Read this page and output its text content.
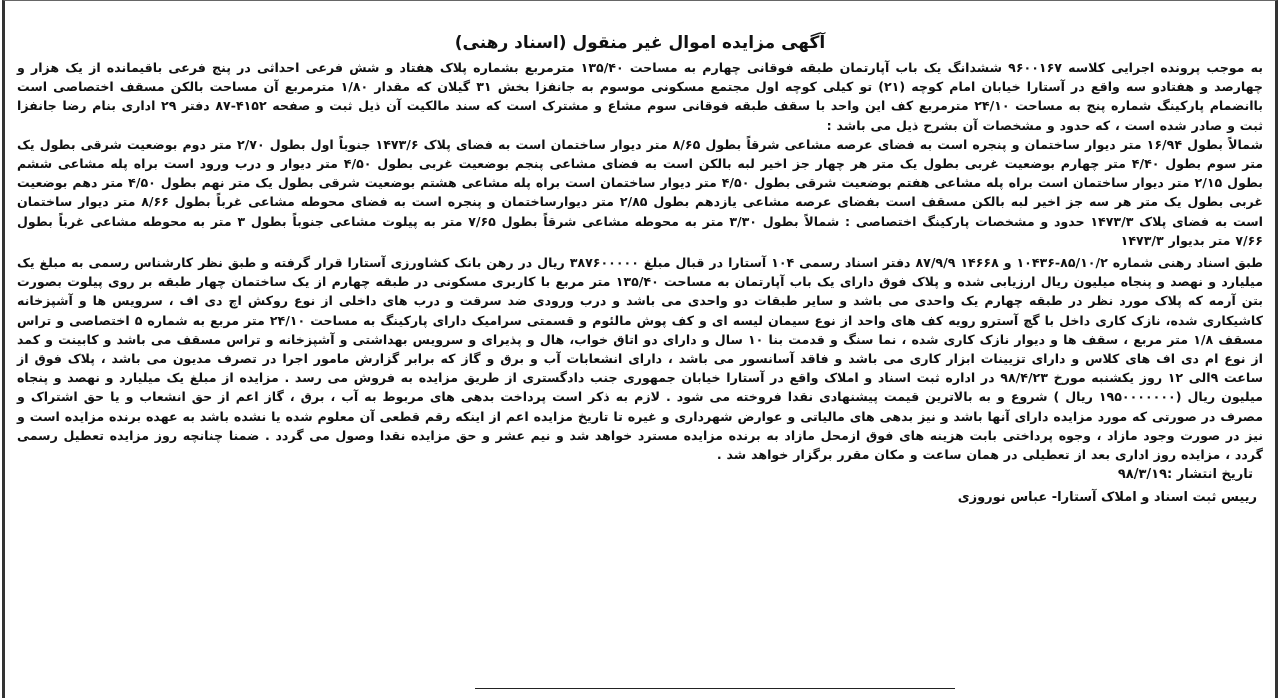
آگهی مزایده اموال غیر منقول (اسناد رهنی)

به موجب پرونده اجرایی کلاسه ۹۶۰۰۱۶۷ ششدانگ یک باب آپارتمان طبقه فوقانی چهارم به مساحت ۱۳۵/۴۰ مترمربع بشماره پلاک هفتاد و شش فرعی احداثی در پنج فرعی باقیمانده از یک هزار و چهارصد و هفتادو سه واقع در آستارا خیابان امام کوچه (۲۱) تو کیلی کوچه اول مجتمع مسکونی موسوم به جانفزا بخش ۳۱ گیلان که مقدار ۱/۸۰ مترمربع آن مساحت بالکن مسقف اختصاصی است باانضمام پارکینگ شماره پنج به مساحت ۲۴/۱۰ مترمربع کف این واحد با سقف طبقه فوقانی سوم مشاع و مشترک است که سند مالکیت آن ذیل ثبت و صفحه ۴۱۵۲-۸۷ دفتر ۲۹ اداری بنام رضا جانفزا ثبت و صادر شده است ، که حدود و مشخصات آن بشرح ذیل می باشد :

شمالاً بطول ۱۶/۹۴ متر دیوار ساختمان و پنجره است به فضای عرصه مشاعی شرقاً بطول ۸/۶۵ متر دیوار ساختمان است به فضای پلاک ۱۴۷۳/۶ جنوباً اول بطول ۲/۷۰ متر دوم بوضعیت شرقی بطول یک متر سوم بطول ۴/۴۰ متر چهارم بوضعیت غربی بطول یک متر هر چهار جز اخیر لبه بالکن است به فضای مشاعی پنجم بوضعیت غربی بطول ۴/۵۰ متر دیوار و درب ورود است براه پله مشاعی ششم بطول ۲/۱۵ متر دیوار ساختمان است براه پله مشاعی هفتم بوضعیت شرقی بطول ۴/۵۰ متر دیوار ساختمان است براه پله مشاعی هشتم بوضعیت شرقی بطول یک متر نهم بطول ۴/۵۰ متر دهم بوضعیت غربی بطول یک متر هر سه جز اخیر لبه بالکن مسقف است بفضای عرصه مشاعی یازدهم بطول ۲/۸۵ متر دیوارساختمان و پنجره است به فضای محوطه مشاعی غرباً بطول ۸/۶۶ متر دیوار ساختمان است به فضای پلاک ۱۴۷۳/۳ حدود و مشخصات پارکینگ اختصاصی : شمالاً بطول ۳/۳۰ متر به محوطه مشاعی شرقاً بطول ۷/۶۵ متر به پیلوت مشاعی جنوباً بطول ۳ متر به محوطه مشاعی غرباً بطول ۷/۶۶ متر بدیوار ۱۴۷۳/۳

طبق اسناد رهنی شماره ۸۵/۱۰/۲-۱۰۴۳۶ و ۱۴۶۶۸ ۸۷/۹/۹ دفتر اسناد رسمی ۱۰۴ آستارا در قبال مبلغ ۳۸۷۶۰۰۰۰۰ ریال در رهن بانک کشاورزی آستارا قرار گرفته و طبق نظر کارشناس رسمی به مبلغ یک میلیارد و نهصد و پنجاه میلیون ریال ارزیابی شده و پلاک فوق دارای یک باب آپارتمان به مساحت ۱۳۵/۴۰ متر مربع با کاربری مسکونی در طبقه چهارم از یک ساختمان چهار طبقه بر روی پیلوت بصورت بتن آرمه که پلاک مورد نظر در طبقه چهارم یک واحدی می باشد و سایر طبقات دو واحدی می باشد و درب ورودی ضد سرقت و درب های داخلی از نوع روکش اچ دی اف ، سرویس ها و آشپزخانه کاشیکاری شده، نازک کاری داخل با گچ آسترو رویه کف های واحد از نوع سیمان لیسه ای و کف پوش مالئوم و قسمتی سرامیک دارای پارکینگ به مساحت ۲۴/۱۰ متر مربع به شماره ۵ اختصاصی و تراس مسقف ۱/۸ متر مربع ، سقف ها و دیوار نازک کاری شده ، نما سنگ و قدمت بنا ۱۰ سال و دارای دو اتاق خواب، هال و پذیرای و سرویس بهداشتی و آشپزخانه و تراس مسقف می باشد و کابینت و کمد از نوع ام دی اف های کلاس و دارای تزیینات ابزار کاری می باشد و فاقد آسانسور می باشد ، دارای انشعابات آب و برق و گاز که برابر گزارش مامور اجرا در تصرف مدیون می باشد ، پلاک فوق از ساعت ۹الی ۱۲ روز یکشنبه مورخ ۹۸/۴/۲۳ در اداره ثبت اسناد و املاک واقع در آستارا خیابان جمهوری جنب دادگستری از طریق مزایده به فروش می رسد . مزایده از مبلغ یک میلیارد و نهصد و پنجاه میلیون ریال (۱۹۵۰۰۰۰۰۰۰ ریال ) شروع و به بالاترین قیمت پیشنهادی نقدا فروخته می شود . لازم به ذکر است پرداخت بدهی های مربوط به آب ، برق ، گاز اعم از حق انشعاب و یا حق اشتراک و مصرف در صورتی که مورد مزایده دارای آنها باشد و نیز بدهی های مالیاتی و عوارض شهرداری و غیره تا تاریخ مزایده اعم از اینکه رقم قطعی آن معلوم شده یا نشده باشد به عهده برنده مزایده است و نیز در صورت وجود مازاد ، وجوه پرداختی بابت هزینه های فوق ازمحل مازاد به برنده مزایده مسترد خواهد شد و نیم عشر و حق مزایده نقدا وصول می گردد . ضمنا چنانچه روز مزایده تعطیل رسمی گردد ، مزایده روز اداری بعد از تعطیلی در همان ساعت و مکان مقرر برگزار خواهد شد .

تاریخ انتشار :۹۸/۳/۱۹

رییس ثبت اسناد و املاک آستارا- عباس نوروزی
